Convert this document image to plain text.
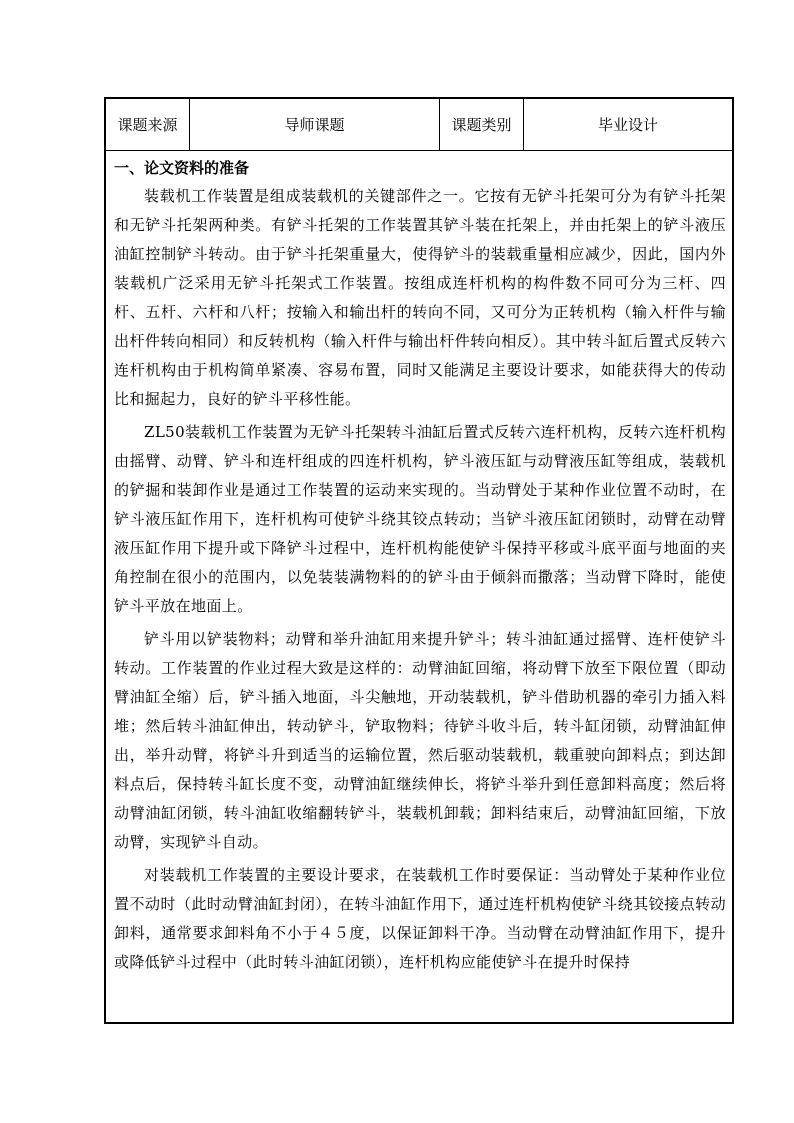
课题来源	导师课题	课题类别	毕业设计
一、论文资料的准备

装载机工作装置是组成装载机的关键部件之一。它按有无铲斗托架可分为有铲斗托架和无铲斗托架两种类。有铲斗托架的工作装置其铲斗装在托架上，并由托架上的铲斗液压油缸控制铲斗转动。由于铲斗托架重量大，使得铲斗的装载重量相应减少，因此，国内外装载机广泛采用无铲斗托架式工作装置。按组成连杆机构的构件数不同可分为三杆、四杆、五杆、六杆和八杆；按输入和输出杆的转向不同，又可分为正转机构（输入杆件与输出杆件转向相同）和反转机构（输入杆件与输出杆件转向相反）。其中转斗缸后置式反转六连杆机构由于机构简单紧凑、容易布置，同时又能满足主要设计要求，如能获得大的传动比和掘起力，良好的铲斗平移性能。

ZL50装载机工作装置为无铲斗托架转斗油缸后置式反转六连杆机构，反转六连杆机构由摇臂、动臂、铲斗和连杆组成的四连杆机构，铲斗液压缸与动臂液压缸等组成，装载机的铲掘和装卸作业是通过工作装置的运动来实现的。当动臂处于某种作业位置不动时，在铲斗液压缸作用下，连杆机构可使铲斗绕其铰点转动；当铲斗液压缸闭锁时，动臂在动臂液压缸作用下提升或下降铲斗过程中，连杆机构能使铲斗保持平移或斗底平面与地面的夹角控制在很小的范围内，以免装装满物料的的铲斗由于倾斜而撒落；当动臂下降时，能使铲斗平放在地面上。

铲斗用以铲装物料；动臂和举升油缸用来提升铲斗；转斗油缸通过摇臂、连杆使铲斗转动。工作装置的作业过程大致是这样的：动臂油缸回缩，将动臂下放至下限位置（即动臂油缸全缩）后，铲斗插入地面，斗尖触地，开动装载机，铲斗借助机器的牵引力插入料堆；然后转斗油缸伸出，转动铲斗，铲取物料；待铲斗收斗后，转斗缸闭锁，动臂油缸伸出，举升动臂，将铲斗升到适当的运输位置，然后驱动装载机，载重驶向卸料点；到达卸料点后，保持转斗缸长度不变，动臂油缸继续伸长，将铲斗举升到任意卸料高度；然后将动臂油缸闭锁，转斗油缸收缩翻转铲斗，装载机卸载；卸料结束后，动臂油缸回缩，下放动臂，实现铲斗自动。

对装载机工作装置的主要设计要求，在装载机工作时要保证：当动臂处于某种作业位置不动时（此时动臂油缸封闭），在转斗油缸作用下，通过连杆机构使铲斗绕其铰接点转动卸料，通常要求卸料角不小于４５度，以保证卸料干净。当动臂在动臂油缸作用下，提升或降低铲斗过程中（此时转斗油缸闭锁），连杆机构应能使铲斗在提升时保持
